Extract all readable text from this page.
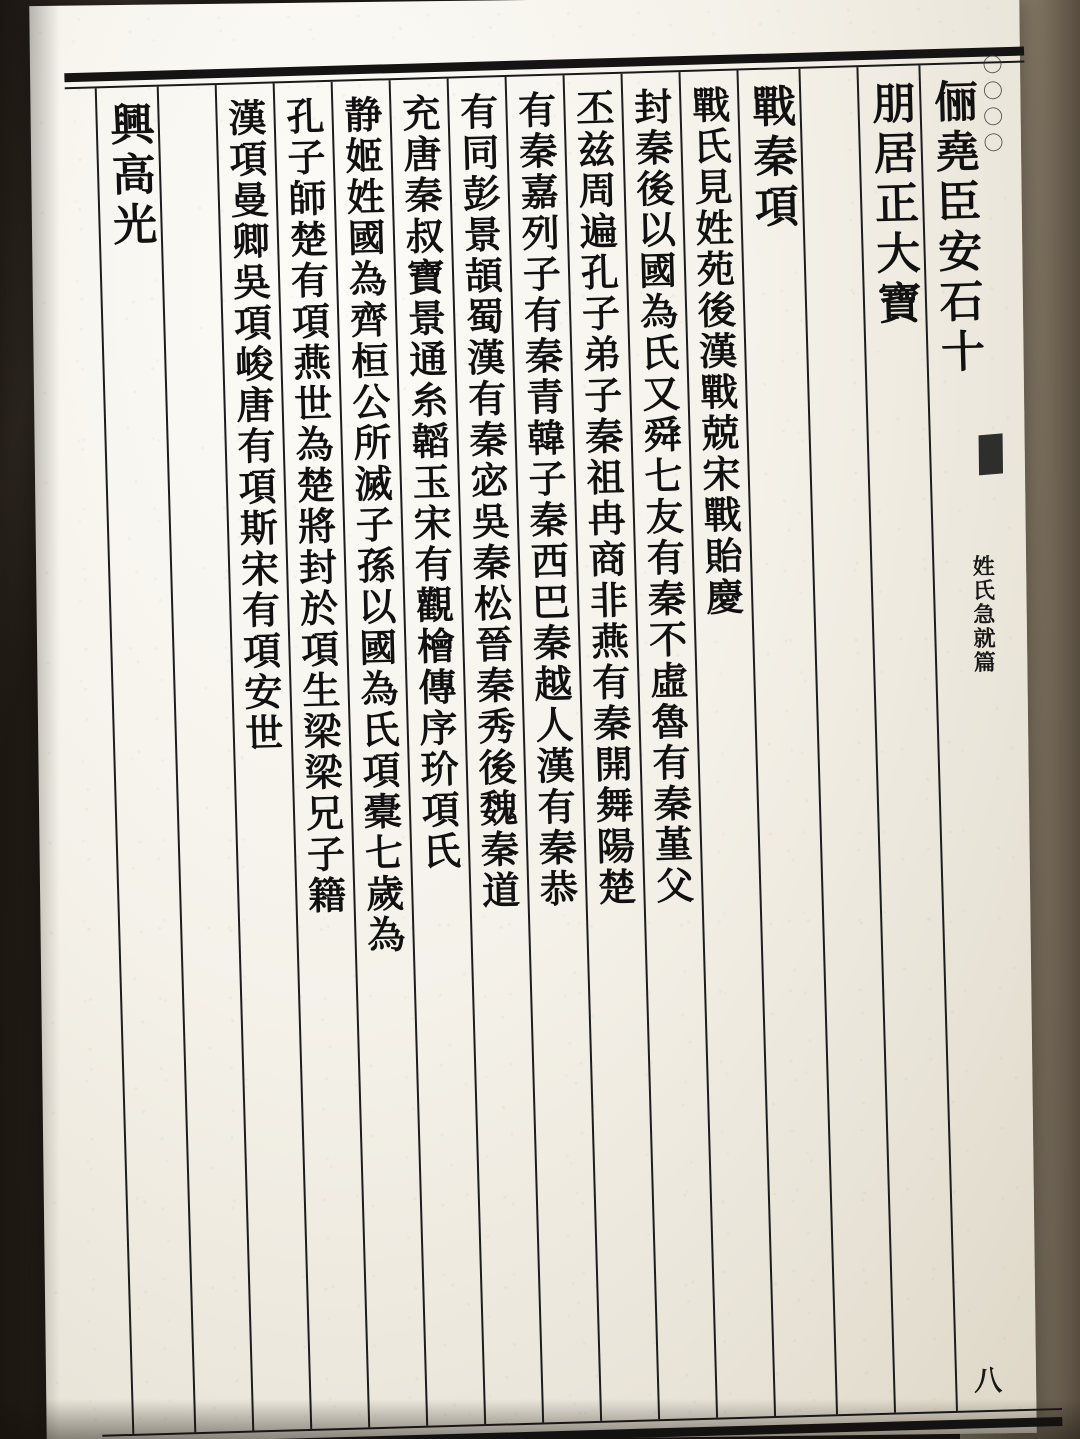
俪堯臣安石十
朋居正大寶
戰秦項
戰氏見姓苑後漢戰兢宋戰貽慶
封秦後以國為氏又舜七友有秦不虛魯有秦堇父
丕兹周遍孔子弟子秦祖冉商非燕有秦開舞陽楚
有秦嘉列子有秦青韓子秦西巴秦越人漢有秦恭
有同彭景頡蜀漢有秦宓吳秦松晉秦秀後魏秦道
充唐秦叔寶景通糸韜玉宋有觀檜傳序玠項氏
静姬姓國為齊桓公所滅子孫以國為氏項橐七歲為
孔子師楚有項燕世為楚將封於項生梁梁兄子籍
漢項曼卿吳項峻唐有項斯宋有項安世
興高光	〇〇〇〇
姓氏急就篇
八
